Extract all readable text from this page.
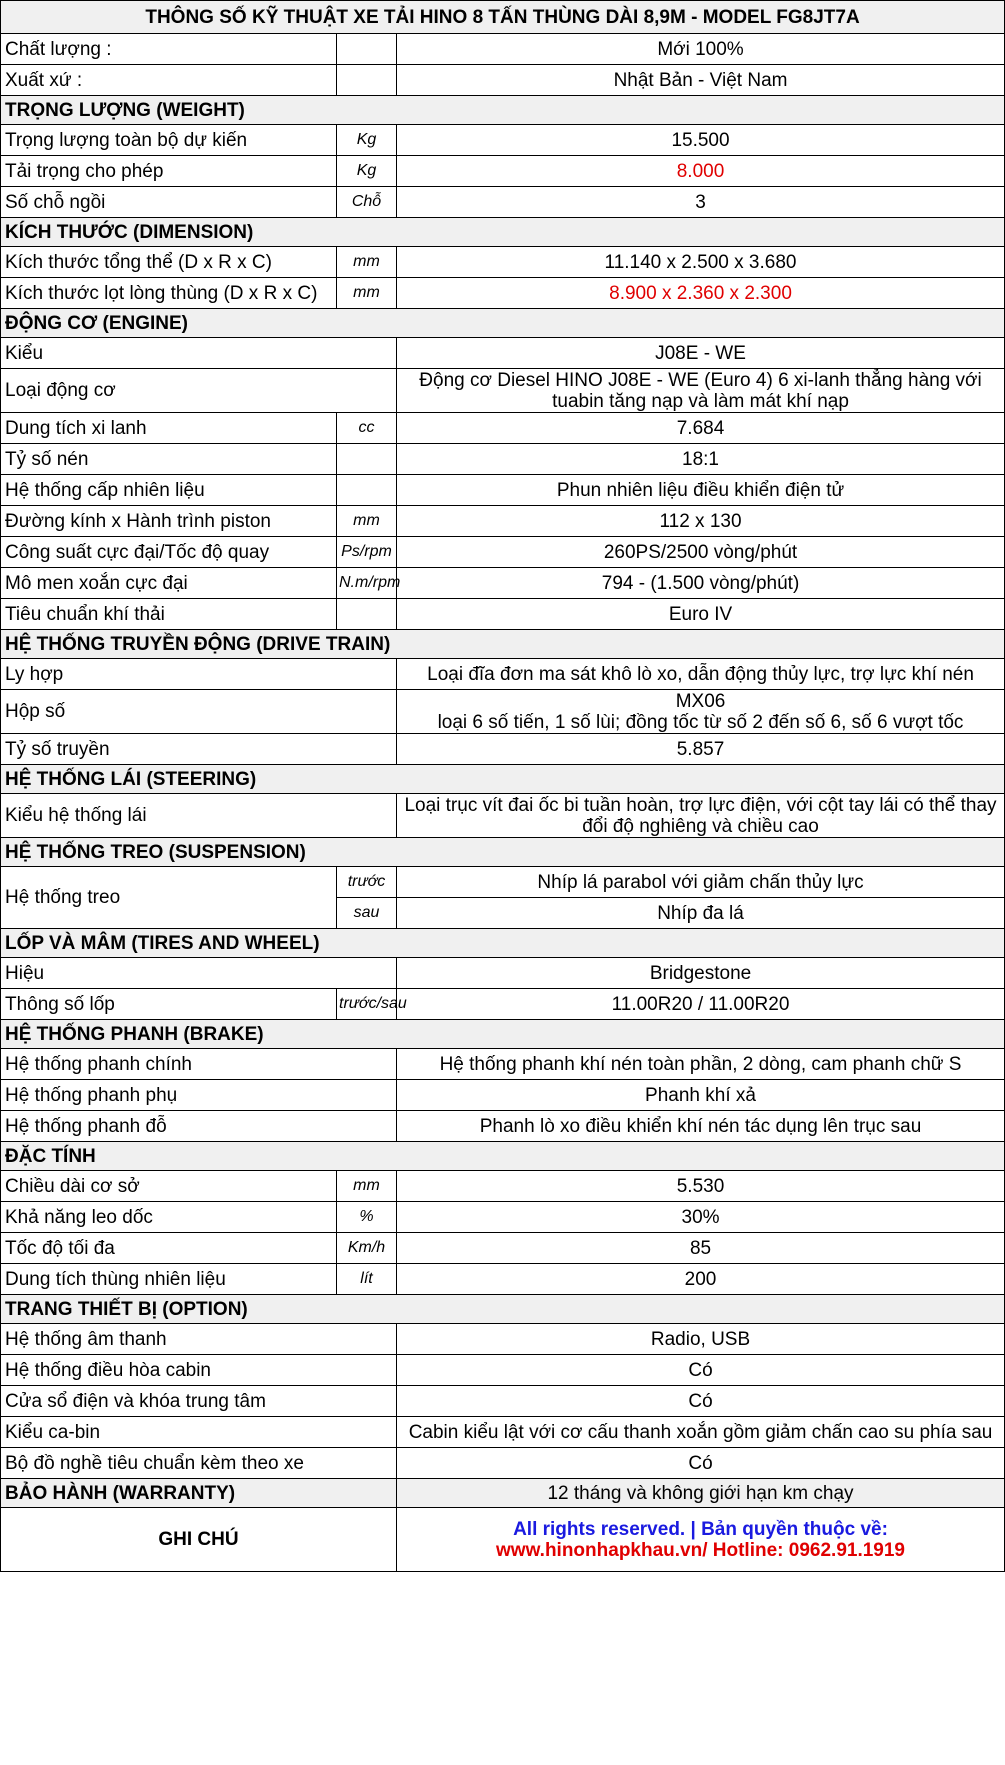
THÔNG SỐ KỸ THUẬT XE TẢI HINO 8 TẤN THÙNG DÀI 8,9M - MODEL FG8JT7A		
Chất lượng :		Mới 100%
Xuất xứ :		Nhật Bản - Việt Nam
TRỌNG LƯỢNG (WEIGHT)		
Trọng lượng toàn bộ dự kiến	Kg	15.500
Tải trọng cho phép	Kg	8.000
Số chỗ ngồi	Chỗ	3
KÍCH THƯỚC (DIMENSION)		
Kích thước tổng thể (D x R x C)	mm	11.140 x 2.500 x 3.680
Kích thước lọt lòng thùng (D x R x C)	mm	8.900 x 2.360 x 2.300
ĐỘNG CƠ (ENGINE)		
Kiểu		J08E - WE

Loại động cơ		Động cơ Diesel HINO J08E - WE (Euro 4) 6 xi-lanh thẳng hàng với tuabin tăng nạp và làm mát khí nạp

Dung tích xi lanh	cc	7.684
Tỷ số nén		18:1
Hệ thống cấp nhiên liệu		Phun nhiên liệu điều khiển điện tử
Đường kính x Hành trình piston	mm	112 x 130
Công suất cực đại/Tốc độ quay	Ps/rpm	260PS/2500 vòng/phút
Mô men xoắn cực đại	N.m/rpm	794 - (1.500 vòng/phút)
Tiêu chuẩn khí thải		Euro IV
HỆ THỐNG TRUYỀN ĐỘNG (DRIVE TRAIN)		
Ly hợp		Loại đĩa đơn ma sát khô lò xo, dẫn động thủy lực, trợ lực khí nén

Hộp số		MX06
loại 6 số tiến, 1 số lùi; đồng tốc từ số 2 đến số 6, số 6 vượt tốc

Tỷ số truyền		5.857

HỆ THỐNG LÁI (STEERING)		
Kiểu hệ thống lái		Loại trục vít đai ốc bi tuần hoàn, trợ lực điện, với cột tay lái có thể thay đổi độ nghiêng và chiều cao

HỆ THỐNG TREO (SUSPENSION)		
Hệ thống treo	trước	Nhíp lá parabol với giảm chấn thủy lực
	sau	Nhíp đa lá
LỐP VÀ MÂM (TIRES AND WHEEL)		
Hiệu		Bridgestone

Thông số lốp	trước/sau	11.00R20 / 11.00R20
HỆ THỐNG PHANH (BRAKE)		
Hệ thống phanh chính		Hệ thống phanh khí nén toàn phần, 2 dòng, cam phanh chữ S

Hệ thống phanh phụ		Phanh khí xả

Hệ thống phanh đỗ		Phanh lò xo điều khiển khí nén tác dụng lên trục sau

ĐẶC TÍNH		
Chiều dài cơ sở	mm	5.530
Khả năng leo dốc	%	30%
Tốc độ tối đa	Km/h	85
Dung tích thùng nhiên liệu	lít	200
TRANG THIẾT BỊ (OPTION)		
Hệ thống âm thanh		Radio, USB

Hệ thống điều hòa cabin		Có

Cửa sổ điện và khóa trung tâm		Có

Kiểu ca-bin		Cabin kiểu lật với cơ cấu thanh xoắn gồm giảm chấn cao su phía sau

Bộ đồ nghề tiêu chuẩn kèm theo xe		Có

BẢO HÀNH (WARRANTY)		12 tháng và không giới hạn km chạy
GHI CHÚ		All rights reserved. | Bản quyền thuộc về:
www.hinonhapkhau.vn/ Hotline: 0962.91.1919
